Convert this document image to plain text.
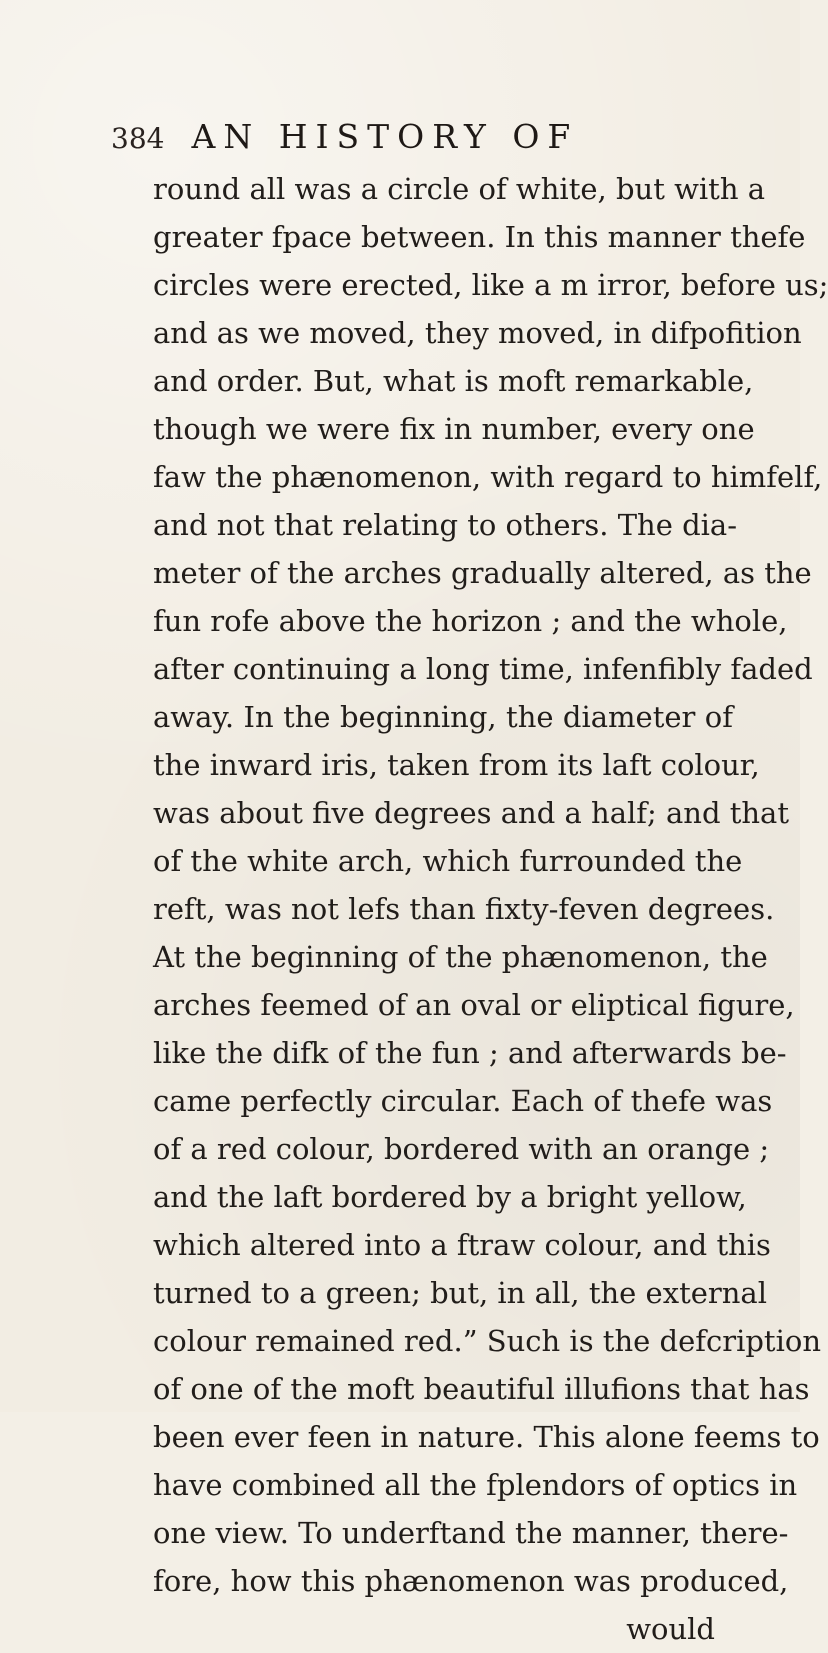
384 AN HISTORY OF
round all was a circle of white, but with a
greater fpace between. In this manner thefe
circles were erected, like a m irror, before us;
and as we moved, they moved, in difpofition
and order. But, what is moft remarkable,
though we were fix in number, every one
faw the phænomenon, with regard to himfelf,
and not that relating to others. The dia-
meter of the arches gradually altered, as the
fun rofe above the horizon ; and the whole,
after continuing a long time, infenfibly faded
away. In the beginning, the diameter of
the inward iris, taken from its laft colour,
was about five degrees and a half; and that
of the white arch, which furrounded the
reft, was not lefs than fixty-feven degrees.
At the beginning of the phænomenon, the
arches feemed of an oval or eliptical figure,
like the difk of the fun ; and afterwards be-
came perfectly circular. Each of thefe was
of a red colour, bordered with an orange ;
and the laft bordered by a bright yellow,
which altered into a ftraw colour, and this
turned to a green; but, in all, the external
colour remained red.” Such is the defcription
of one of the moft beautiful illufions that has
been ever feen in nature. This alone feems to
have combined all the fplendors of optics in
one view. To underftand the manner, there-
fore, how this phænomenon was produced,
would
